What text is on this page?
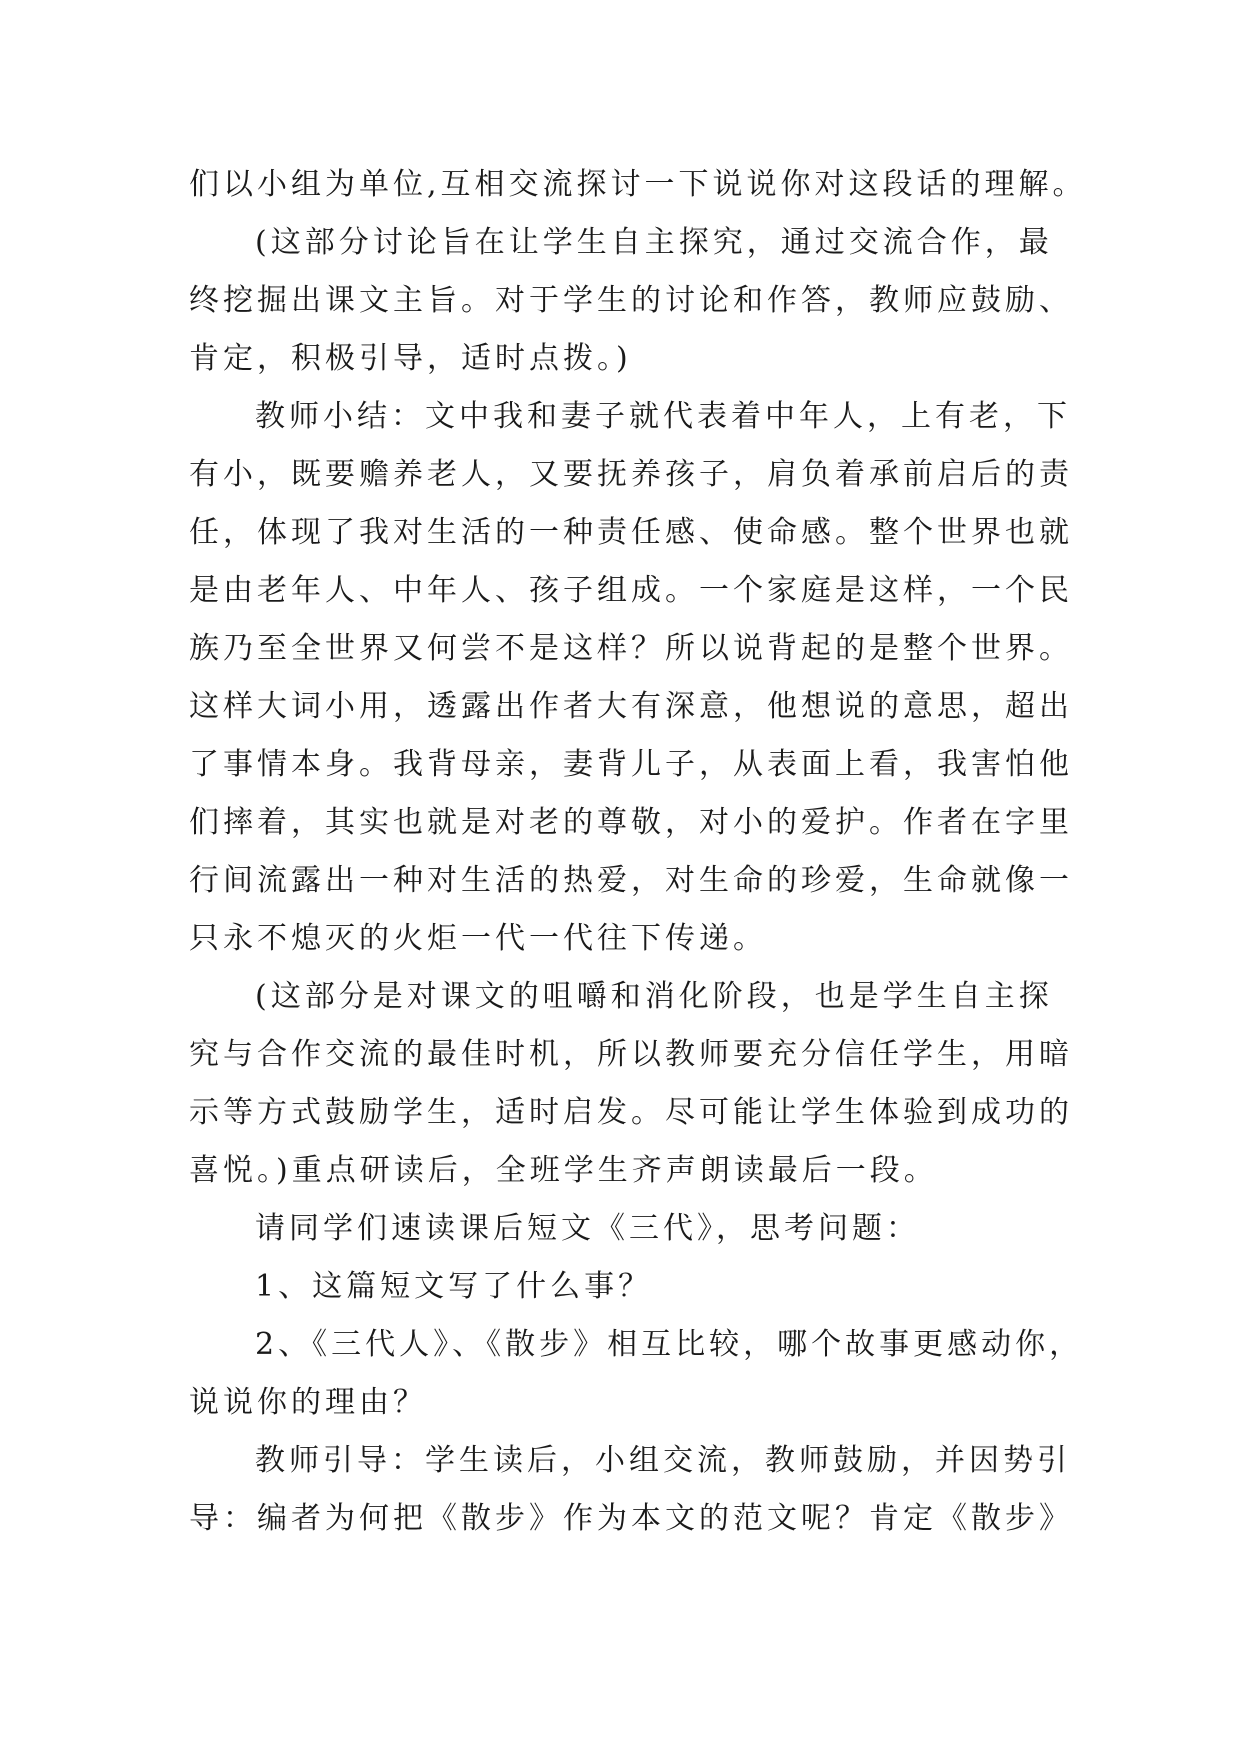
们以小组为单位,互相交流探讨一下说说你对这段话的理解。
(这部分讨论旨在让学生自主探究，通过交流合作，最
终挖掘出课文主旨。对于学生的讨论和作答，教师应鼓励、
肯定，积极引导，适时点拨。)
教师小结：文中我和妻子就代表着中年人，上有老，下
有小，既要赡养老人，又要抚养孩子，肩负着承前启后的责
任，体现了我对生活的一种责任感、使命感。整个世界也就
是由老年人、中年人、孩子组成。一个家庭是这样，一个民
族乃至全世界又何尝不是这样？所以说背起的是整个世界。
这样大词小用，透露出作者大有深意，他想说的意思，超出
了事情本身。我背母亲，妻背儿子，从表面上看，我害怕他
们摔着，其实也就是对老的尊敬，对小的爱护。作者在字里
行间流露出一种对生活的热爱，对生命的珍爱，生命就像一
只永不熄灭的火炬一代一代往下传递。
(这部分是对课文的咀嚼和消化阶段，也是学生自主探
究与合作交流的最佳时机，所以教师要充分信任学生，用暗
示等方式鼓励学生，适时启发。尽可能让学生体验到成功的
喜悦。)重点研读后，全班学生齐声朗读最后一段。
请同学们速读课后短文《三代》，思考问题：
1、这篇短文写了什么事？
2、《三代人》、《散步》相互比较，哪个故事更感动你，
说说你的理由？
教师引导：学生读后，小组交流，教师鼓励，并因势引
导：编者为何把《散步》作为本文的范文呢？肯定《散步》
